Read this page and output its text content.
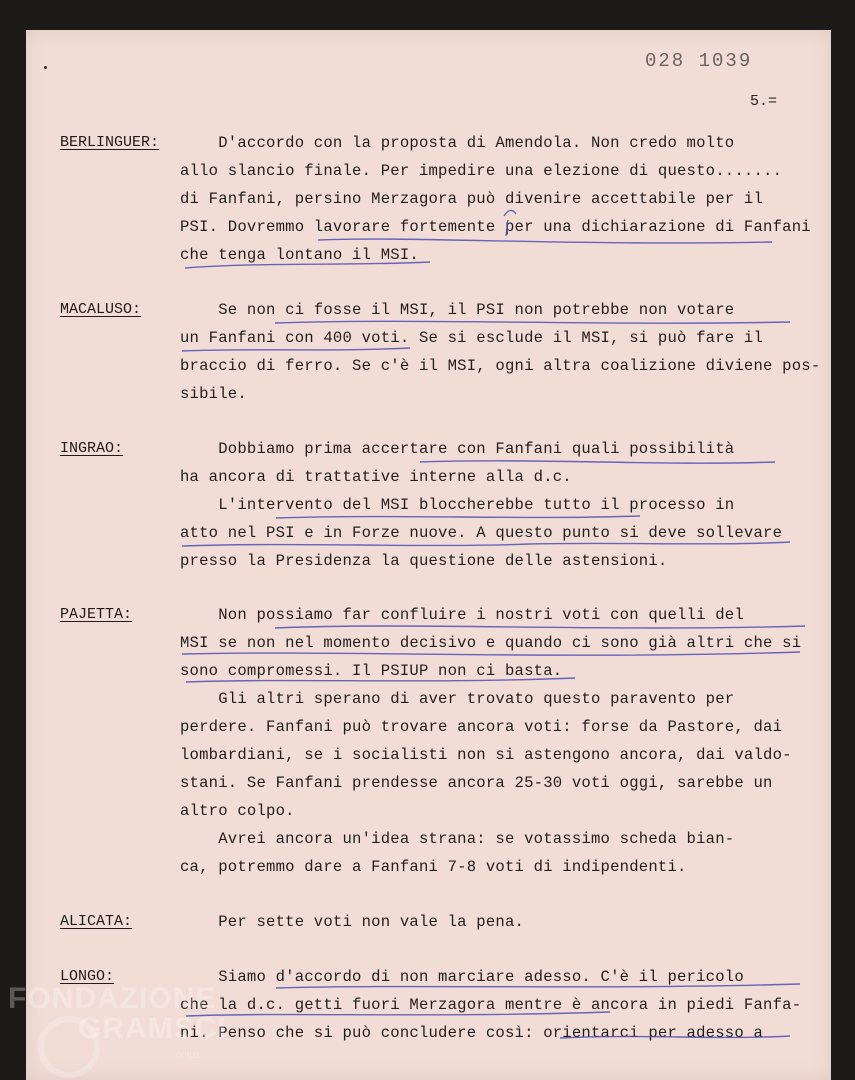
028 1039
5.=
BERLINGUER: D'accordo con la proposta di Amendola. Non credo molto
allo slancio finale. Per impedire una elezione di questo.......
di Fanfani, persino Merzagora può divenire accettabile per il
PSI. Dovremmo lavorare fortemente per una dichiarazione di Fanfani
che tenga lontano il MSI.
MACALUSO: Se non ci fosse il MSI, il PSI non potrebbe non votare
un Fanfani con 400 voti. Se si esclude il MSI, si può fare il
braccio di ferro. Se c'è il MSI, ogni altra coalizione diviene pos-
sibile.
INGRAO:	Dobbiamo prima accertare con Fanfani quali possibilità
ha ancora di trattative interne alla d.c.
L'intervento del MSI bloccherebbe tutto il processo in
atto nel PSI e in Forze nuove. A questo punto si deve sollevare
presso la Presidenza la questione delle astensioni.
PAJETTA:	Non possiamo far confluire i nostri voti con quelli del
MSI se non nel momento decisivo e quando ci sono già altri che si
sono compromessi. Il PSIUP non ci basta.
Gli altri sperano di aver trovato questo paravento per
perdere. Fanfani può trovare ancora voti: forse da Pastore, dai
lombardiani, se i socialisti non si astengono ancora, dai valdo-
stani. Se Fanfani prendesse ancora 25-30 voti oggi, sarebbe un
altro colpo.
Avrei ancora un'idea strana: se votassimo scheda bian-
ca, potremmo dare a Fanfani 7-8 voti di indipendenti.
ALICATA:	Per sette voti non vale la pena.
LONGO:	Siamo d'accordo di non marciare adesso. C'è il pericolo
che la d.c. getti fuori Merzagora mentre è ancora in piedi Fanfa-
ni. Penso che si può concludere così: orientarci per adesso a
FONDAZIONE
GRAMSCI
onlus
